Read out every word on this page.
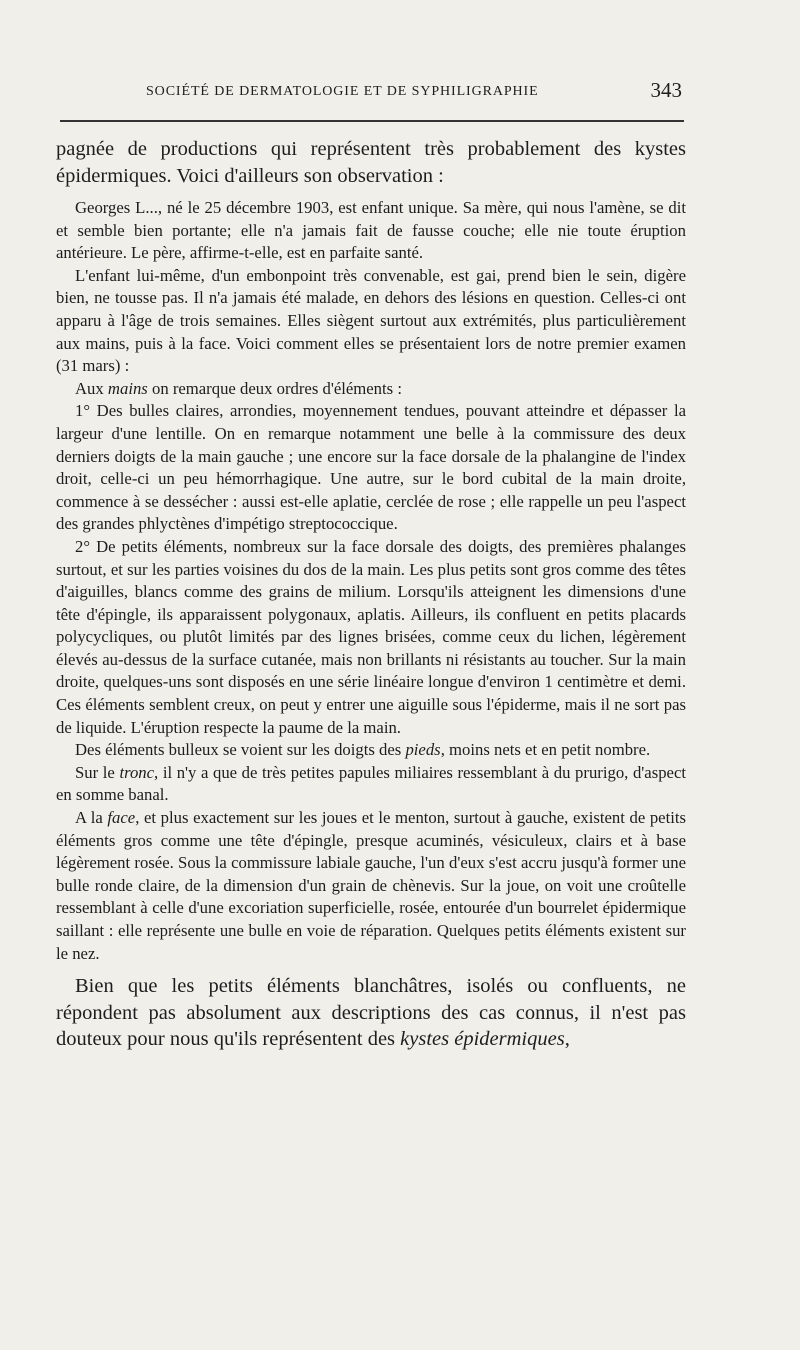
SOCIÉTÉ DE DERMATOLOGIE ET DE SYPHILIGRAPHIE	343

pagnée de productions qui représentent très probablement des kystes épidermiques. Voici d'ailleurs son observation :

Georges L..., né le 25 décembre 1903, est enfant unique. Sa mère, qui nous l'amène, se dit et semble bien portante; elle n'a jamais fait de fausse couche; elle nie toute éruption antérieure. Le père, affirme-t-elle, est en parfaite santé.

L'enfant lui-même, d'un embonpoint très convenable, est gai, prend bien le sein, digère bien, ne tousse pas. Il n'a jamais été malade, en dehors des lésions en question. Celles-ci ont apparu à l'âge de trois semaines. Elles siègent surtout aux extrémités, plus particulièrement aux mains, puis à la face. Voici comment elles se présentaient lors de notre premier examen (31 mars) :

Aux mains on remarque deux ordres d'éléments :

1° Des bulles claires, arrondies, moyennement tendues, pouvant atteindre et dépasser la largeur d'une lentille. On en remarque notamment une belle à la commissure des deux derniers doigts de la main gauche ; une encore sur la face dorsale de la phalangine de l'index droit, celle-ci un peu hémorrhagique. Une autre, sur le bord cubital de la main droite, commence à se dessécher : aussi est-elle aplatie, cerclée de rose ; elle rappelle un peu l'aspect des grandes phlyctènes d'impétigo streptococcique.

2° De petits éléments, nombreux sur la face dorsale des doigts, des premières phalanges surtout, et sur les parties voisines du dos de la main. Les plus petits sont gros comme des têtes d'aiguilles, blancs comme des grains de milium. Lorsqu'ils atteignent les dimensions d'une tête d'épingle, ils apparaissent polygonaux, aplatis. Ailleurs, ils confluent en petits placards polycycliques, ou plutôt limités par des lignes brisées, comme ceux du lichen, légèrement élevés au-dessus de la surface cutanée, mais non brillants ni résistants au toucher. Sur la main droite, quelques-uns sont disposés en une série linéaire longue d'environ 1 centimètre et demi. Ces éléments semblent creux, on peut y entrer une aiguille sous l'épiderme, mais il ne sort pas de liquide. L'éruption respecte la paume de la main.

Des éléments bulleux se voient sur les doigts des pieds, moins nets et en petit nombre.

Sur le tronc, il n'y a que de très petites papules miliaires ressemblant à du prurigo, d'aspect en somme banal.

A la face, et plus exactement sur les joues et le menton, surtout à gauche, existent de petits éléments gros comme une tête d'épingle, presque acuminés, vésiculeux, clairs et à base légèrement rosée. Sous la commissure labiale gauche, l'un d'eux s'est accru jusqu'à former une bulle ronde claire, de la dimension d'un grain de chènevis. Sur la joue, on voit une croûtelle ressemblant à celle d'une excoriation superficielle, rosée, entourée d'un bourrelet épidermique saillant : elle représente une bulle en voie de réparation. Quelques petits éléments existent sur le nez.

Bien que les petits éléments blanchâtres, isolés ou confluents, ne répondent pas absolument aux descriptions des cas connus, il n'est pas douteux pour nous qu'ils représentent des kystes épidermiques,
